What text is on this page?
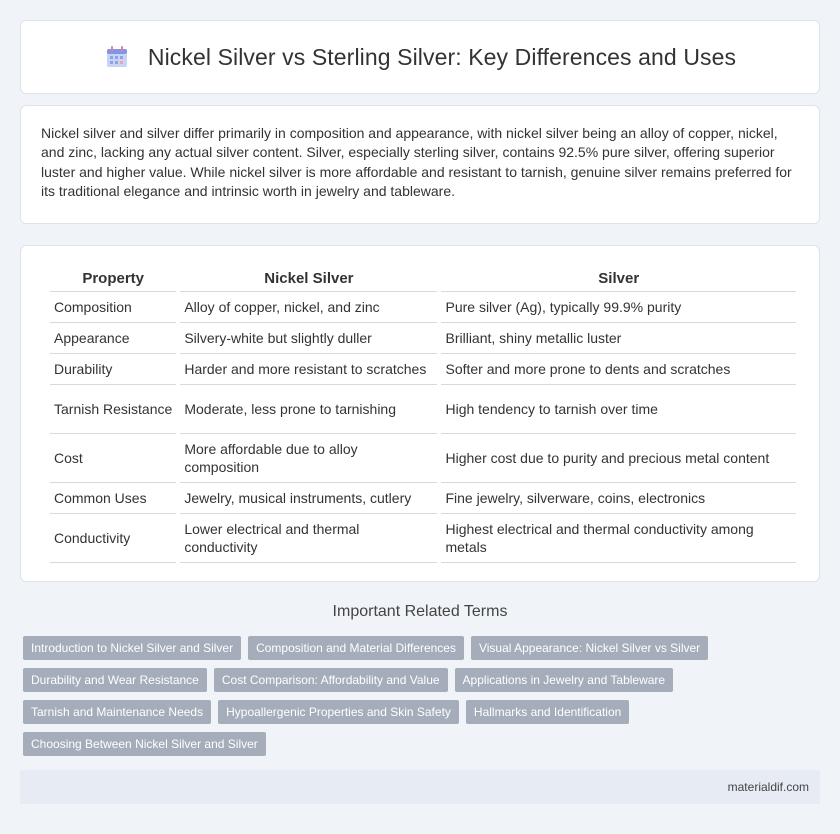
Nickel Silver vs Sterling Silver: Key Differences and Uses

Nickel silver and silver differ primarily in composition and appearance, with nickel silver being an alloy of copper, nickel, and zinc, lacking any actual silver content. Silver, especially sterling silver, contains 92.5% pure silver, offering superior luster and higher value. While nickel silver is more affordable and resistant to tarnish, genuine silver remains preferred for its traditional elegance and intrinsic worth in jewelry and tableware.

Property	Nickel Silver	Silver
Composition	Alloy of copper, nickel, and zinc	Pure silver (Ag), typically 99.9% purity
Appearance	Silvery-white but slightly duller	Brilliant, shiny metallic luster
Durability	Harder and more resistant to scratches	Softer and more prone to dents and scratches
Tarnish Resistance	Moderate, less prone to tarnishing	High tendency to tarnish over time
Cost	More affordable due to alloy composition	Higher cost due to purity and precious metal content
Common Uses	Jewelry, musical instruments, cutlery	Fine jewelry, silverware, coins, electronics
Conductivity	Lower electrical and thermal conductivity	Highest electrical and thermal conductivity among metals
Important Related Terms
Introduction to Nickel Silver and Silver	Composition and Material Differences	Visual Appearance: Nickel Silver vs Silver
Durability and Wear Resistance	Cost Comparison: Affordability and Value	Applications in Jewelry and Tableware
Tarnish and Maintenance Needs	Hypoallergenic Properties and Skin Safety	Hallmarks and Identification
Choosing Between Nickel Silver and Silver
materialdif.com
